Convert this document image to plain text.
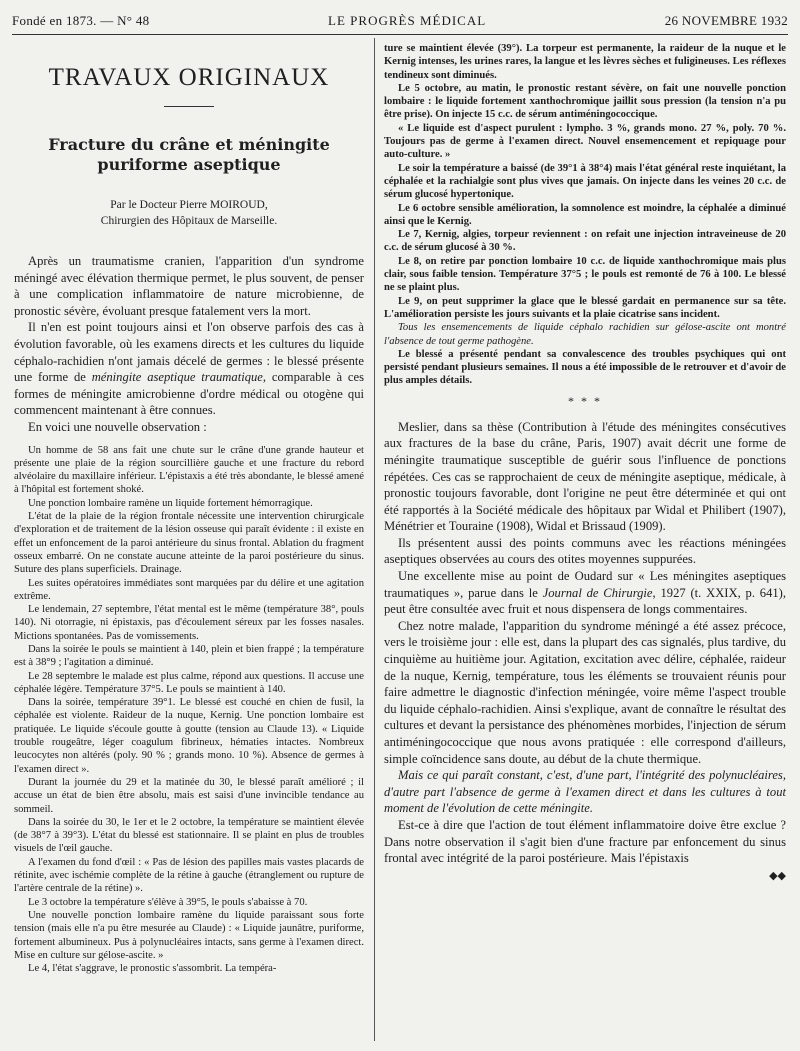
Fondé en 1873. — N° 48	LE PROGRÈS MÉDICAL	26 NOVEMBRE 1932
TRAVAUX ORIGINAUX
Fracture du crâne et méningite puriforme aseptique
Par le Docteur Pierre MOIROUD,
Chirurgien des Hôpitaux de Marseille.

Après un traumatisme cranien, l'apparition d'un syndrome méningé avec élévation thermique permet, le plus souvent, de penser à une complication inflammatoire de nature microbienne, de pronostic sévère, évoluant presque fatalement vers la mort.

Il n'en est point toujours ainsi et l'on observe parfois des cas à évolution favorable, où les examens directs et les cultures du liquide céphalo-rachidien n'ont jamais décelé de germes : le blessé présente une forme de méningite aseptique traumatique, comparable à ces formes de méningite amicrobienne d'ordre médical ou otogène qui commencent maintenant à être connues.

En voici une nouvelle observation :

Un homme de 58 ans fait une chute sur le crâne d'une grande hauteur et présente une plaie de la région sourcillière gauche et une fracture du rebord alvéolaire du maxillaire inférieur. L'épistaxis a été très abondante, le blessé amené à l'hôpital est fortement shoké.

Une ponction lombaire ramène un liquide fortement hémorragique.

L'état de la plaie de la région frontale nécessite une intervention chirurgicale d'exploration et de traitement de la lésion osseuse qui paraît évidente : il existe en effet un enfoncement de la paroi antérieure du sinus frontal. Ablation du fragment osseux embarré. On ne constate aucune atteinte de la paroi postérieure du sinus. Suture des plans superficiels. Drainage.

Les suites opératoires immédiates sont marquées par du délire et une agitation extrême.

Le lendemain, 27 septembre, l'état mental est le même (température 38°, pouls 140). Ni otorragie, ni épistaxis, pas d'écoulement séreux par les fosses nasales. Mictions spontanées. Pas de vomissements.

Dans la soirée le pouls se maintient à 140, plein et bien frappé ; la température est à 38°9 ; l'agitation a diminué.

Le 28 septembre le malade est plus calme, répond aux questions. Il accuse une céphalée légère. Température 37°5. Le pouls se maintient à 140.

Dans la soirée, température 39°1. Le blessé est couché en chien de fusil, la céphalée est violente. Raideur de la nuque, Kernig. Une ponction lombaire est pratiquée. Le liquide s'écoule goutte à goutte (tension au Claude 13). « Liquide trouble rougeâtre, léger coagulum fibrineux, hématies intactes. Nombreux leucocytes non altérés (poly. 90 % ; grands mono. 10 %). Absence de germes à l'examen direct ».

Durant la journée du 29 et la matinée du 30, le blessé paraît amélioré ; il accuse un état de bien être absolu, mais est saisi d'une invincible tendance au sommeil.

Dans la soirée du 30, le 1er et le 2 octobre, la température se maintient élevée (de 38°7 à 39°3). L'état du blessé est stationnaire. Il se plaint en plus de troubles visuels de l'œil gauche.

A l'examen du fond d'œil : « Pas de lésion des papilles mais vastes placards de rétinite, avec ischémie complète de la rétine à gauche (étranglement ou rupture de l'artère centrale de la rétine) ».

Le 3 octobre la température s'élève à 39°5, le pouls s'abaisse à 70.

Une nouvelle ponction lombaire ramène du liquide paraissant sous forte tension (mais elle n'a pu être mesurée au Claude) : « Liquide jaunâtre, puriforme, fortement albumineux. Pus à polynucléaires intacts, sans germe à l'examen direct. Mise en culture sur gélose-ascite. »

Le 4, l'état s'aggrave, le pronostic s'assombrit. La tempéra-

ture se maintient élevée (39°). La torpeur est permanente, la raideur de la nuque et le Kernig intenses, les urines rares, la langue et les lèvres sèches et fuligineuses. Les réflexes tendineux sont diminués.

Le 5 octobre, au matin, le pronostic restant sévère, on fait une nouvelle ponction lombaire : le liquide fortement xanthochromique jaillit sous pression (la tension n'a pu être prise). On injecte 15 c.c. de sérum antiméningococcique.

« Le liquide est d'aspect purulent : lympho. 3 %, grands mono. 27 %, poly. 70 %. Toujours pas de germe à l'examen direct. Nouvel ensemencement et repiquage pour auto-culture. »

Le soir la température a baissé (de 39°1 à 38°4) mais l'état général reste inquiétant, la céphalée et la rachialgie sont plus vives que jamais. On injecte dans les veines 20 c.c. de sérum glucosé hypertonique.

Le 6 octobre sensible amélioration, la somnolence est moindre, la céphalée a diminué ainsi que le Kernig.

Le 7, Kernig, algies, torpeur reviennent : on refait une injection intraveineuse de 20 c.c. de sérum glucosé à 30 %.

Le 8, on retire par ponction lombaire 10 c.c. de liquide xanthochromique mais plus clair, sous faible tension. Température 37°5 ; le pouls est remonté de 76 à 100. Le blessé ne se plaint plus.

Le 9, on peut supprimer la glace que le blessé gardait en permanence sur sa tête. L'amélioration persiste les jours suivants et la plaie cicatrise sans incident.

Tous les ensemencements de liquide céphalo rachidien sur gélose-ascite ont montré l'absence de tout germe pathogène.

Le blessé a présenté pendant sa convalescence des troubles psychiques qui ont persisté pendant plusieurs semaines. Il nous a été impossible de le retrouver et d'avoir de plus amples détails.

* * *

Meslier, dans sa thèse (Contribution à l'étude des méningites consécutives aux fractures de la base du crâne, Paris, 1907) avait décrit une forme de méningite traumatique susceptible de guérir sous l'influence de ponctions répétées. Ces cas se rapprochaient de ceux de méningite aseptique, médicale, à pronostic toujours favorable, dont l'origine ne peut être déterminée et qui ont été rapportés à la Société médicale des hôpitaux par Widal et Philibert (1907), Ménétrier et Touraine (1908), Widal et Brissaud (1909).

Ils présentent aussi des points communs avec les réactions méningées aseptiques observées au cours des otites moyennes suppurées.

Une excellente mise au point de Oudard sur « Les méningites aseptiques traumatiques », parue dans le Journal de Chirurgie, 1927 (t. XXIX, p. 641), peut être consultée avec fruit et nous dispensera de longs commentaires.

Chez notre malade, l'apparition du syndrome méningé a été assez précoce, vers le troisième jour : elle est, dans la plupart des cas signalés, plus tardive, du cinquième au huitième jour. Agitation, excitation avec délire, céphalée, raideur de la nuque, Kernig, température, tous les éléments se trouvaient réunis pour faire admettre le diagnostic d'infection méningée, voire même l'aspect trouble du liquide céphalo-rachidien. Ainsi s'explique, avant de connaître le résultat des cultures et devant la persistance des phénomènes morbides, l'injection de sérum antiméningococcique que nous avons pratiquée : elle correspond d'ailleurs, simple coïncidence sans doute, au début de la chute thermique.

Mais ce qui paraît constant, c'est, d'une part, l'intégrité des polynucléaires, d'autre part l'absence de germe à l'examen direct et dans les cultures à tout moment de l'évolution de cette méningite.

Est-ce à dire que l'action de tout élément inflammatoire doive être exclue ? Dans notre observation il s'agit bien d'une fracture par enfoncement du sinus frontal avec intégrité de la paroi postérieure. Mais l'épistaxis

◆◆
